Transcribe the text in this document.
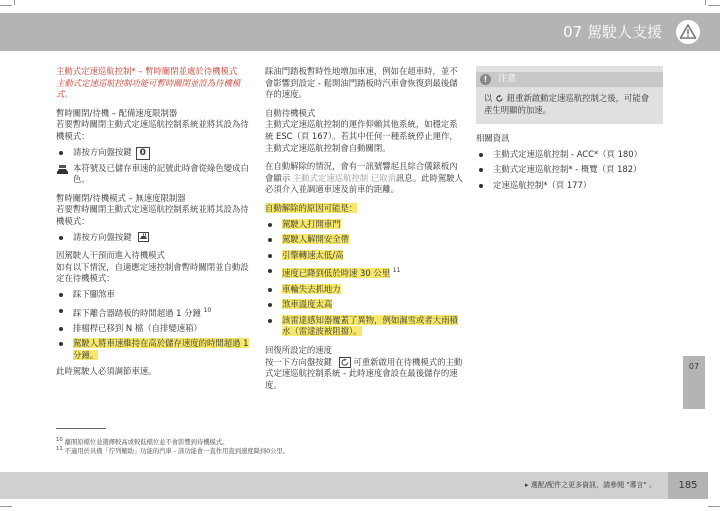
07 駕駛人支援

主動式定速巡航控制* – 暫時關閉並處於待機模式

主動式定速巡航控制功能可暫時關閉並設為待機模式。

暫時關閉/待機 – 配備速度限制器

若要暫時關閉主動式定速巡航控制系統並將其設為待機模式：

請按方向盤按鍵 0
本符號及已儲存車速的記號此時會從綠色變成白色。

暫時關閉/待機模式 – 無速度限制器

若要暫時關閉主動式定速巡航控制系統並將其設為待機模式：

請按方向盤按鍵

因駕駛人干預而進入待機模式

如有以下情況，自適應定速控制會暫時關閉並自動設定在待機模式：

踩下腳煞車
踩下離合器踏板的時間超過 1 分鐘 $^{10}$
排檔桿已移到 N 檔（自排變速箱）
駕駛人將車速維持在高於儲存速度的時間超過 1 分鐘。

此時駕駛人必須調節車速。

踩油門踏板暫時性地增加車速，例如在超車時，並不會影響到設定 - 鬆開油門踏板時汽車會恢復到最後儲存的速度。

自動待機模式

主動式定速巡航控制的運作仰賴其他系統，如穩定系統 ESC（頁 167）。若其中任何一種系統停止運作，主動式定速巡航控制會自動關閉。

在自動解除的情況，會有一訊號響起且綜合儀錶板內會顯示 主動式定速巡航控制 已取消訊息。此時駕駛人必須介入並調適車速及前車的距離。

自動解除的原因可能是：

駕駛人打開車門
駕駛人解開安全帶
引擎轉速太低/高
速度已降到低於時速 30 公里 $^{11}$
車輪失去抓地力
煞車溫度太高
該雷達感知器覆蓋了異物，例如濕雪或者大雨積水（雷達波被阻擋）。

回復所設定的速度

按一下方向盤按鍵	可重新啟用在待機模式的主動式定速巡航控制系統 - 此時速度會設在最後儲存的速度。

!	注意
以 鈕重新啟動定速巡航控制之後，可能會產生明顯的加速。

相關資訊

主動式定速巡航控制 - ACC*（頁 180）
主動式定速巡航控制* - 概覽（頁 182）
定速巡航控制*（頁 177）
07
$^{10}$ 離開原檔位並選擇較高或較低檔位並不會影響到待機模式。
$^{11}$ 不適用於具備「佇列輔助」功能的汽車 - 該功能會一直作用直到速度降到0公里。
▸ 選配/配件之更多資訊，請參閱 "導言" 。	185
